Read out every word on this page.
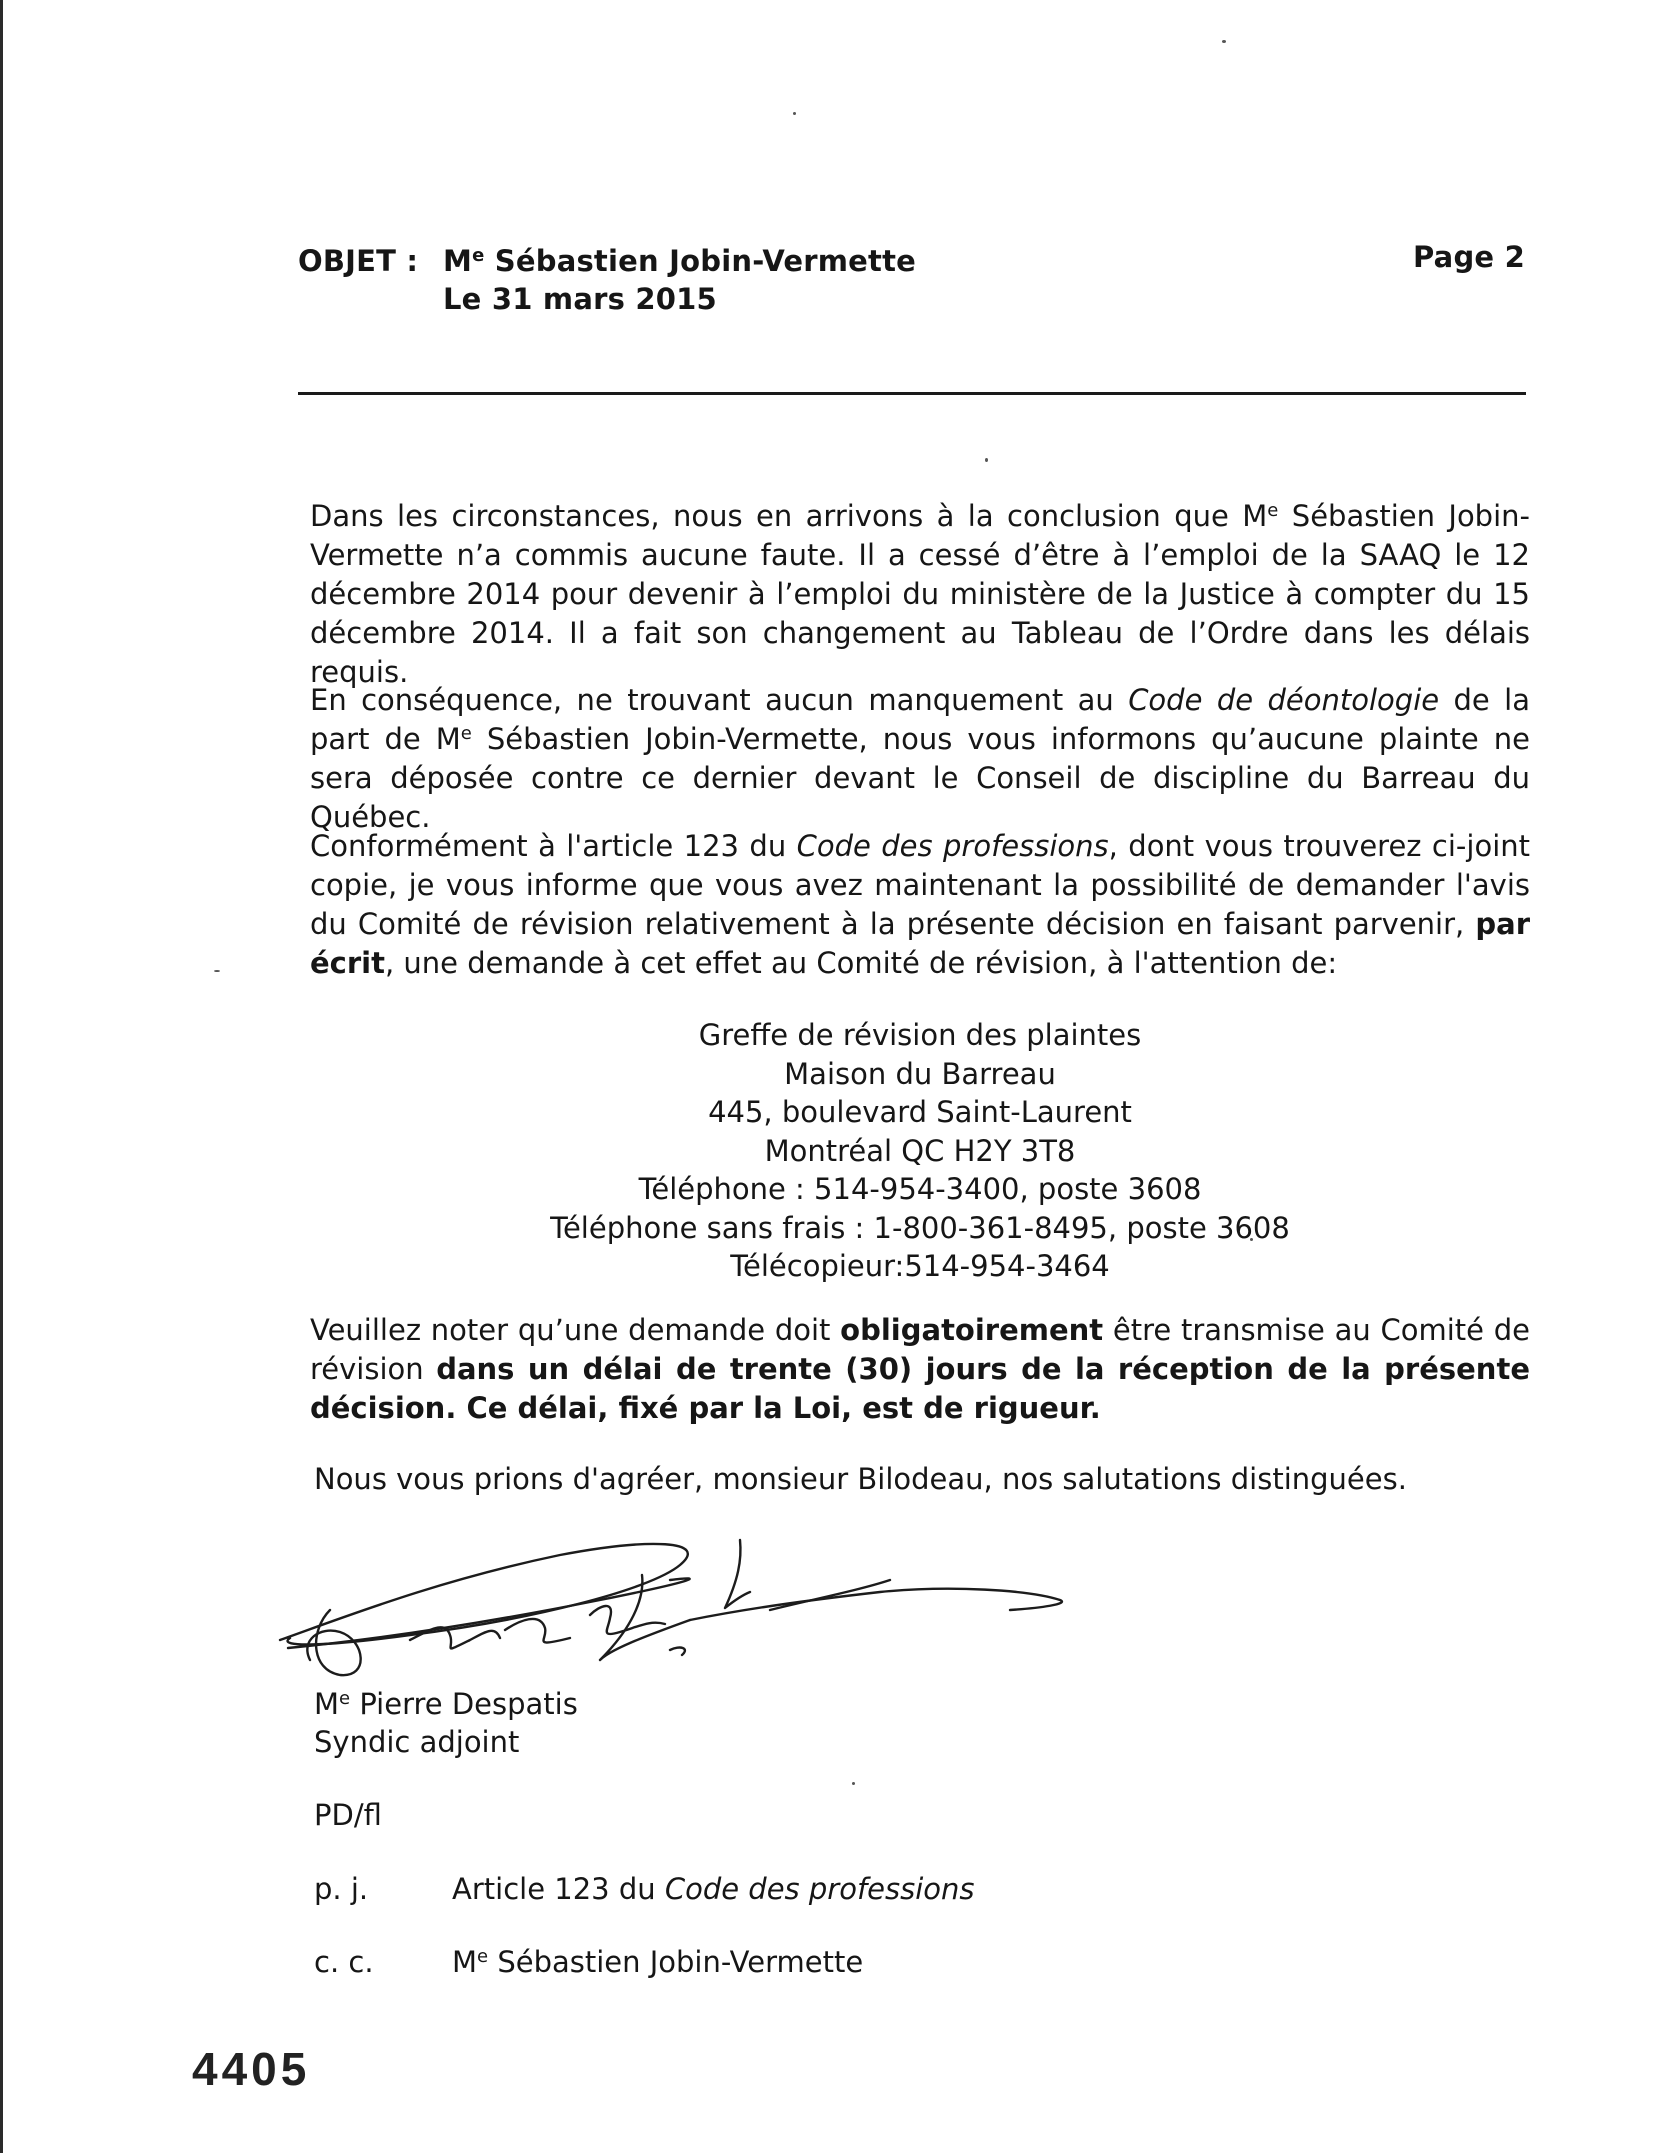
OBJET : Me Sébastien Jobin-Vermette
Le 31 mars 2015
Page 2
Dans les circonstances, nous en arrivons à la conclusion que Me Sébastien Jobin-Vermette n’a commis aucune faute. Il a cessé d’être à l’emploi de la SAAQ le 12 décembre 2014 pour devenir à l’emploi du ministère de la Justice à compter du 15 décembre 2014. Il a fait son changement au Tableau de l’Ordre dans les délais requis.
En conséquence, ne trouvant aucun manquement au Code de déontologie de la part de Me Sébastien Jobin-Vermette, nous vous informons qu’aucune plainte ne sera déposée contre ce dernier devant le Conseil de discipline du Barreau du Québec.
Conformément à l'article 123 du Code des professions, dont vous trouverez ci-joint copie, je vous informe que vous avez maintenant la possibilité de demander l'avis du Comité de révision relativement à la présente décision en faisant parvenir, par écrit, une demande à cet effet au Comité de révision, à l'attention de:
Greffe de révision des plaintes
Maison du Barreau
445, boulevard Saint-Laurent
Montréal QC H2Y 3T8
Téléphone : 514-954-3400, poste 3608
Téléphone sans frais : 1-800-361-8495, poste 3608
Télécopieur:514-954-3464
Veuillez noter qu’une demande doit obligatoirement être transmise au Comité de révision dans un délai de trente (30) jours de la réception de la présente décision. Ce délai, fixé par la Loi, est de rigueur.
Nous vous prions d'agréer, monsieur Bilodeau, nos salutations distinguées.
Me Pierre Despatis
Syndic adjoint
PD/fl
p. j.	Article 123 du Code des professions
c. c.	Me Sébastien Jobin-Vermette
4405
